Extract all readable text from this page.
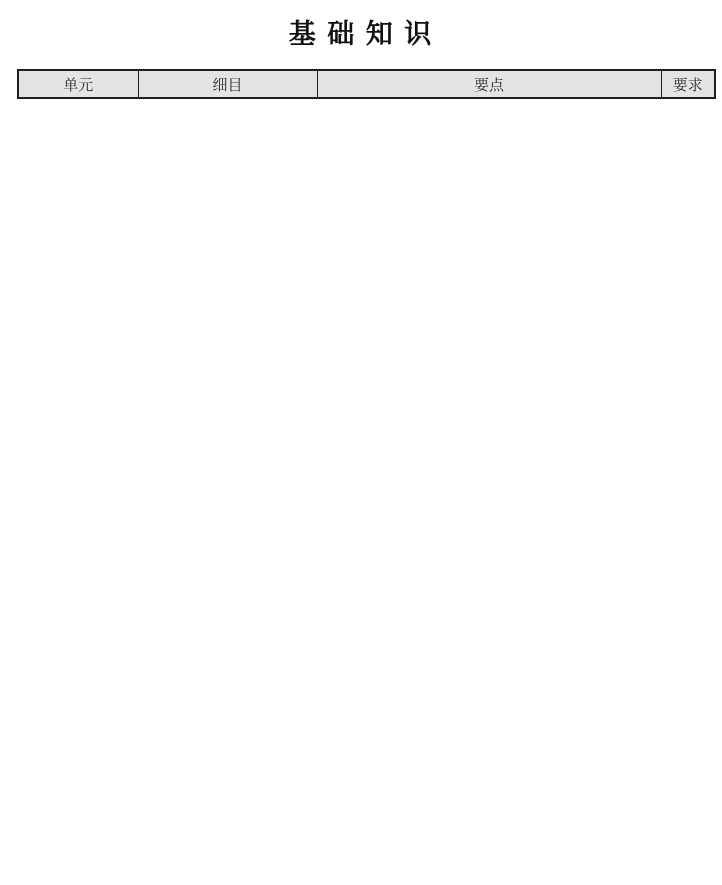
基 础 知 识
单元	细目	要点	要求
